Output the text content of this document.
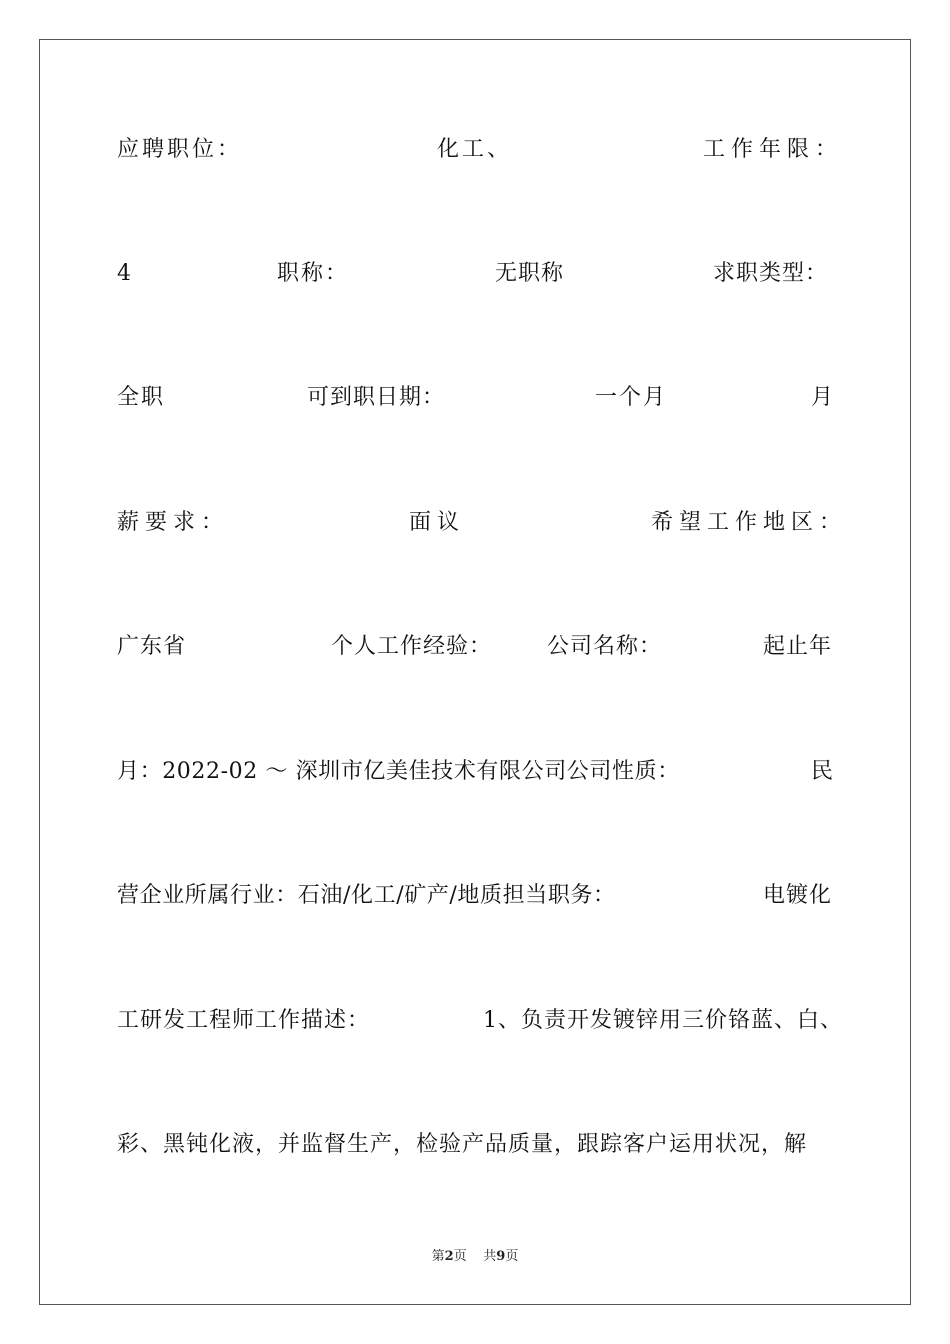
应聘职位：	化工、	工作年限：
4	职称：	无职称	求职类型：
全职	可到职日期：	一个月	月
薪要求：	面议	希望工作地区：
广东省	个人工作经验： 公司名称：	起止年
月：2022-02 ～ 深圳市亿美佳技术有限公司公司性质：	民
营企业所属行业：石油/化工/矿产/地质担当职务：	电镀化
工研发工程师工作描述：	1、负责开发镀锌用三价铬蓝、白、
彩、黑钝化液，并监督生产，检验产品质量，跟踪客户运用状况，解
第2页 共9页
